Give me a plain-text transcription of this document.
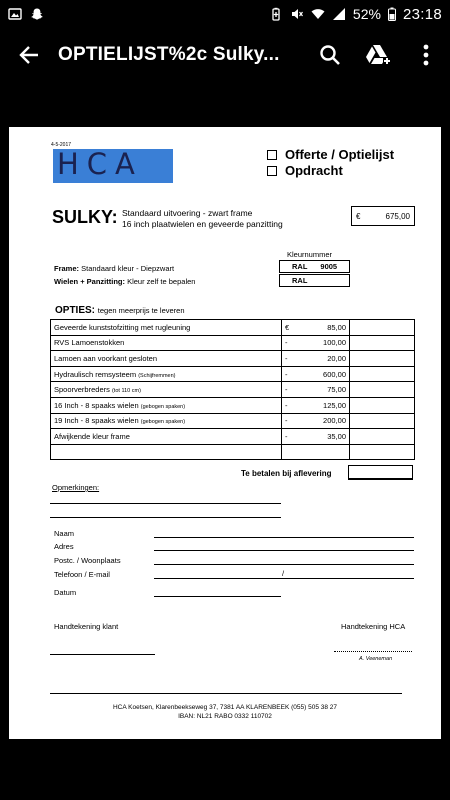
52% 23:18
OPTIELIJST%2c Sulky...
4-5-2017
HCA	Offerte / Optielijst
Opdracht
SULKY: Standaard uitvoering - zwart frame
16 inch plaatwielen en geveerde panzitting
€	675,00
Kleurnummer
Frame: Standaard kleur - Diepzwart	RAL 9005
Wielen + Panzitting: Kleur zelf te bepalen	RAL
OPTIES: tegen meerprijs te leveren
Geveerde kunststofzitting met rugleuning	€ 85,00	

RVS Lamoenstokken	- 100,00	

Lamoen aan voorkant gesloten	- 20,00	

Hydraulisch remsysteem (Schijfremmen)	- 600,00	

Spoorverbreders (tot 110 cm)	- 75,00	

16 Inch - 8 spaaks wielen (gebogen spaken)	- 125,00	

19 Inch - 8 spaaks wielen (gebogen spaken)	- 200,00	

Afwijkende kleur frame	- 35,00	

Te betalen bij aflevering
Opmerkingen:
Naam
Adres
Postc. / Woonplaats
Telefoon / E-mail	/
Datum
Handtekening klant	Handtekening HCA
A. Veeneman
HCA Koetsen, Klarenbeekseweg 37, 7381 AA KLARENBEEK (055) 505 38 27
IBAN: NL21 RABO 0332 110702
